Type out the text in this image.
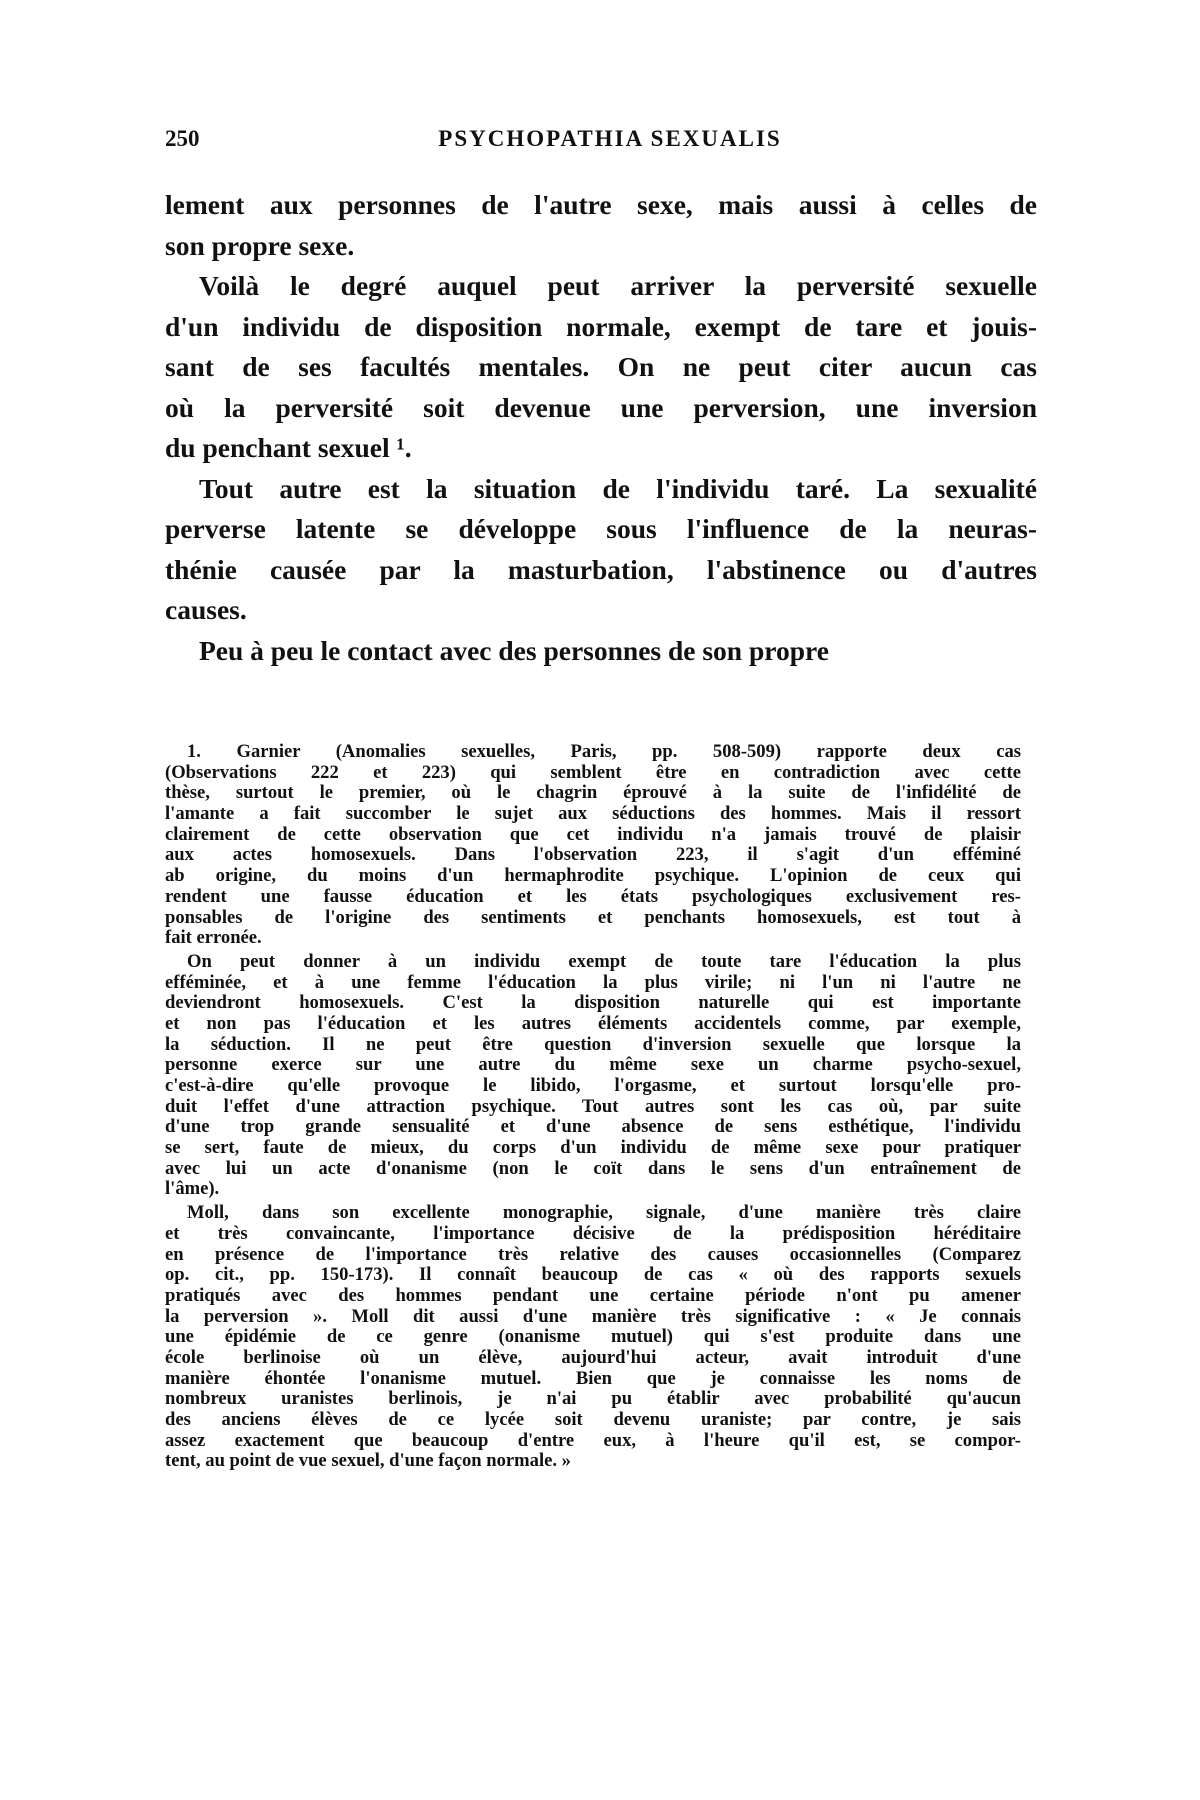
250	PSYCHOPATHIA SEXUALIS
lement aux personnes de l'autre sexe, mais aussi à celles de
son propre sexe.
Voilà le degré auquel peut arriver la perversité sexuelle
d'un individu de disposition normale, exempt de tare et jouis-
sant de ses facultés mentales. On ne peut citer aucun cas
où la perversité soit devenue une perversion, une inversion
du penchant sexuel ¹.
Tout autre est la situation de l'individu taré. La sexualité
perverse latente se développe sous l'influence de la neuras-
thénie causée par la masturbation, l'abstinence ou d'autres
causes.
Peu à peu le contact avec des personnes de son propre
1. Garnier (Anomalies sexuelles, Paris, pp. 508-509) rapporte deux cas
(Observations 222 et 223) qui semblent être en contradiction avec cette
thèse, surtout le premier, où le chagrin éprouvé à la suite de l'infidélité de
l'amante a fait succomber le sujet aux séductions des hommes. Mais il ressort
clairement de cette observation que cet individu n'a jamais trouvé de plaisir
aux actes homosexuels. Dans l'observation 223, il s'agit d'un efféminé
ab origine, du moins d'un hermaphrodite psychique. L'opinion de ceux qui
rendent une fausse éducation et les états psychologiques exclusivement res-
ponsables de l'origine des sentiments et penchants homosexuels, est tout à
fait erronée.
On peut donner à un individu exempt de toute tare l'éducation la plus
efféminée, et à une femme l'éducation la plus virile; ni l'un ni l'autre ne
deviendront homosexuels. C'est la disposition naturelle qui est importante
et non pas l'éducation et les autres éléments accidentels comme, par exemple,
la séduction. Il ne peut être question d'inversion sexuelle que lorsque la
personne exerce sur une autre du même sexe un charme psycho-sexuel,
c'est-à-dire qu'elle provoque le libido, l'orgasme, et surtout lorsqu'elle pro-
duit l'effet d'une attraction psychique. Tout autres sont les cas où, par suite
d'une trop grande sensualité et d'une absence de sens esthétique, l'individu
se sert, faute de mieux, du corps d'un individu de même sexe pour pratiquer
avec lui un acte d'onanisme (non le coït dans le sens d'un entraînement de
l'âme).
Moll, dans son excellente monographie, signale, d'une manière très claire
et très convaincante, l'importance décisive de la prédisposition héréditaire
en présence de l'importance très relative des causes occasionnelles (Comparez
op. cit., pp. 150-173). Il connaît beaucoup de cas « où des rapports sexuels
pratiqués avec des hommes pendant une certaine période n'ont pu amener
la perversion ». Moll dit aussi d'une manière très significative : « Je connais
une épidémie de ce genre (onanisme mutuel) qui s'est produite dans une
école berlinoise où un élève, aujourd'hui acteur, avait introduit d'une
manière éhontée l'onanisme mutuel. Bien que je connaisse les noms de
nombreux uranistes berlinois, je n'ai pu établir avec probabilité qu'aucun
des anciens élèves de ce lycée soit devenu uraniste; par contre, je sais
assez exactement que beaucoup d'entre eux, à l'heure qu'il est, se compor-
tent, au point de vue sexuel, d'une façon normale. »
